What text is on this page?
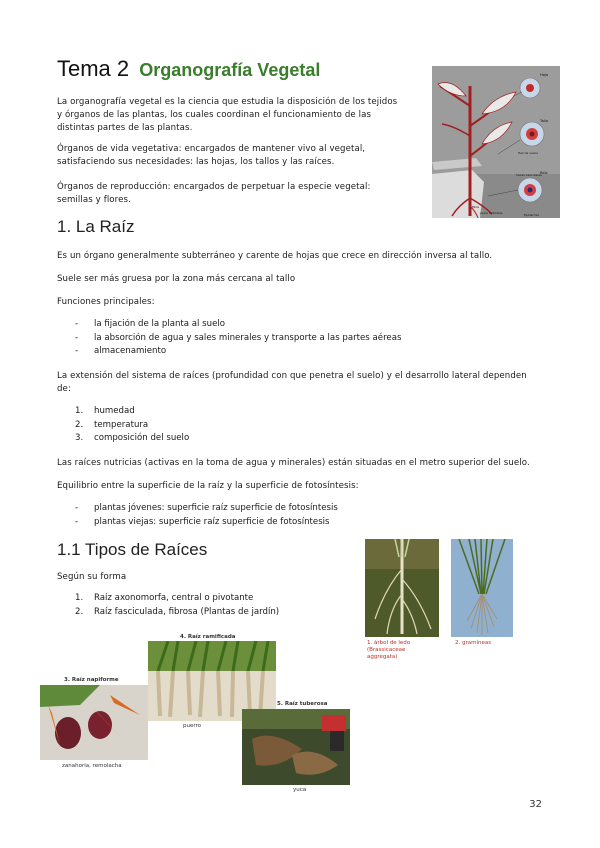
Tema 2 Organografía Vegetal

La organografía vegetal es la ciencia que estudia la disposición de los tejidos y órganos de las plantas, los cuales coordinan el funcionamiento de las distintas partes de las plantas.

Órganos de vida vegetativa: encargados de mantener vivo al vegetal, satisfaciendo sus necesidades: las hojas, los tallos y las raíces.

Órganos de reproducción: encargados de perpetuar la especie vegetal: semillas y flores.

Hoja
Tallo
Raíz
haces vasculares
fibra
pelos radicales	Epidermis
Haz de vasos
1. La Raíz

Es un órgano generalmente subterráneo y carente de hojas que crece en dirección inversa al tallo.

Suele ser más gruesa por la zona más cercana al tallo

Funciones principales:

- la fijación de la planta al suelo
- la absorción de agua y sales minerales y transporte a las partes aéreas
- almacenamiento

La extensión del sistema de raíces (profundidad con que penetra el suelo) y el desarrollo lateral dependen de:

1. humedad
2. temperatura
3. composición del suelo

Las raíces nutricias (activas en la toma de agua y minerales) están situadas en el metro superior del suelo.

Equilibrio entre la superficie de la raíz y la superficie de fotosíntesis:

- plantas jóvenes: superficie raíz superficie de fotosíntesis
- plantas viejas: superficie raíz superficie de fotosíntesis
1.1 Tipos de Raíces

Según su forma

1. Raíz axonomorfa, central o pivotante
2. Raíz fasciculada, fibrosa (Plantas de jardín)
1. árbol de ledo (Brassicaceae aggregata)
2. gramíneas
4. Raíz ramificada
puerro
3. Raíz napiforme
zanahoria, remolacha
5. Raíz tuberosa
yuca
32
